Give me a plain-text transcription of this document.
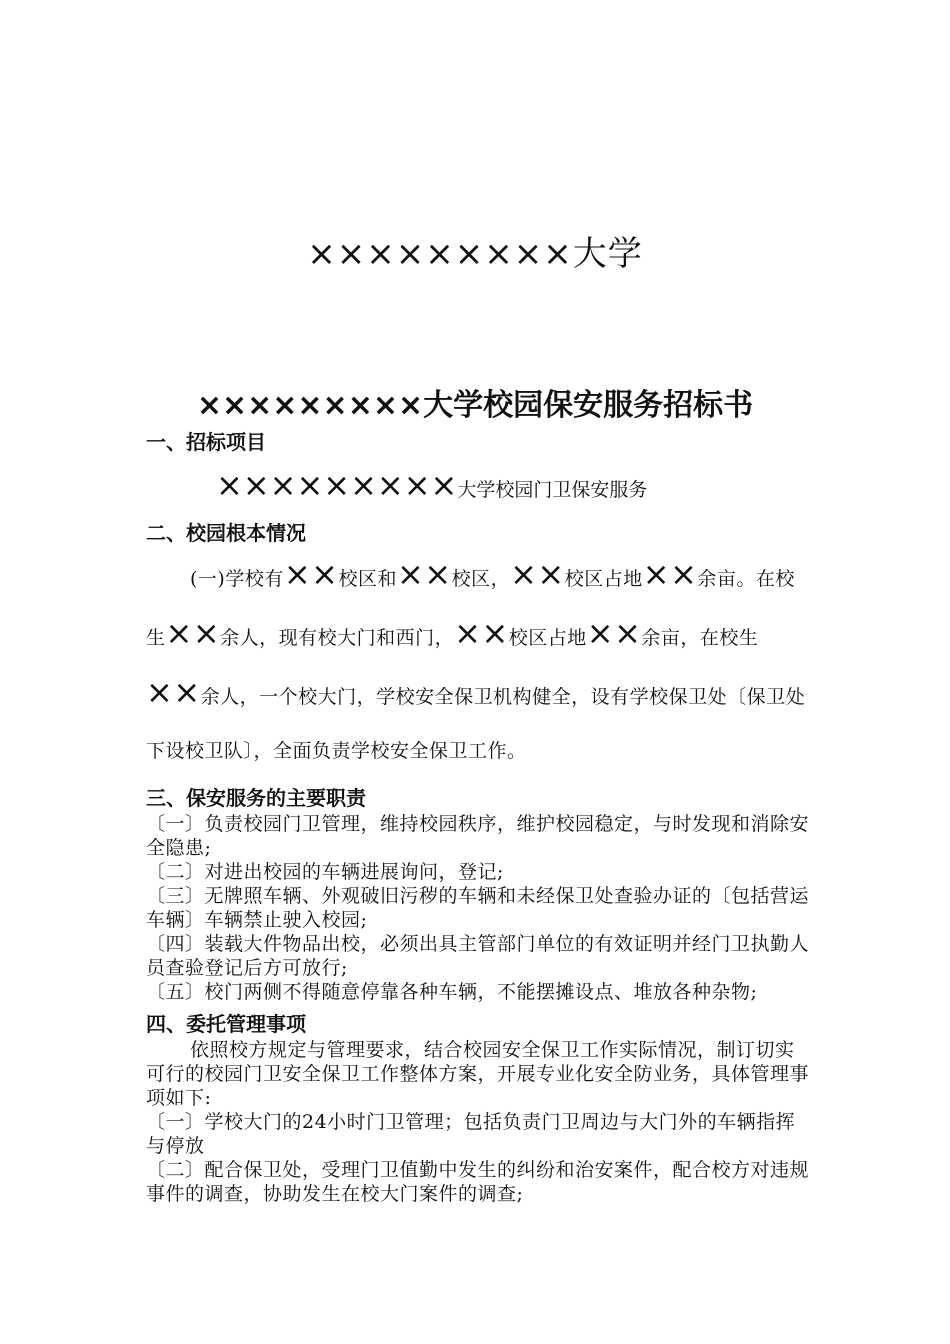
×××××××××大学
×××××××××大学校园保安服务招标书

一、招标项目

×××××××××大学校园门卫保安服务

二、校园根本情况

(一)学校有××校区和××校区，××校区占地××余亩。在校生××余人，现有校大门和西门，××校区占地××余亩，在校生××余人，一个校大门，学校安全保卫机构健全，设有学校保卫处〔保卫处下设校卫队〕，全面负责学校安全保卫工作。

三、保安服务的主要职责

〔一〕负责校园门卫管理，维持校园秩序，维护校园稳定，与时发现和消除安全隐患;

〔二〕对进出校园的车辆进展询问，登记;

〔三〕无牌照车辆、外观破旧污秽的车辆和未经保卫处查验办证的〔包括营运车辆〕车辆禁止驶入校园;

〔四〕装载大件物品出校，必须出具主管部门单位的有效证明并经门卫执勤人员查验登记后方可放行;

〔五〕校门两侧不得随意停靠各种车辆，不能摆摊设点、堆放各种杂物;

四、委托管理事项

依照校方规定与管理要求，结合校园安全保卫工作实际情况，制订切实可行的校园门卫安全保卫工作整体方案，开展专业化安全防业务，具体管理事项如下:

〔一〕学校大门的24小时门卫管理；包括负责门卫周边与大门外的车辆指挥与停放

〔二〕配合保卫处，受理门卫值勤中发生的纠纷和治安案件，配合校方对违规事件的调查，协助发生在校大门案件的调查;
